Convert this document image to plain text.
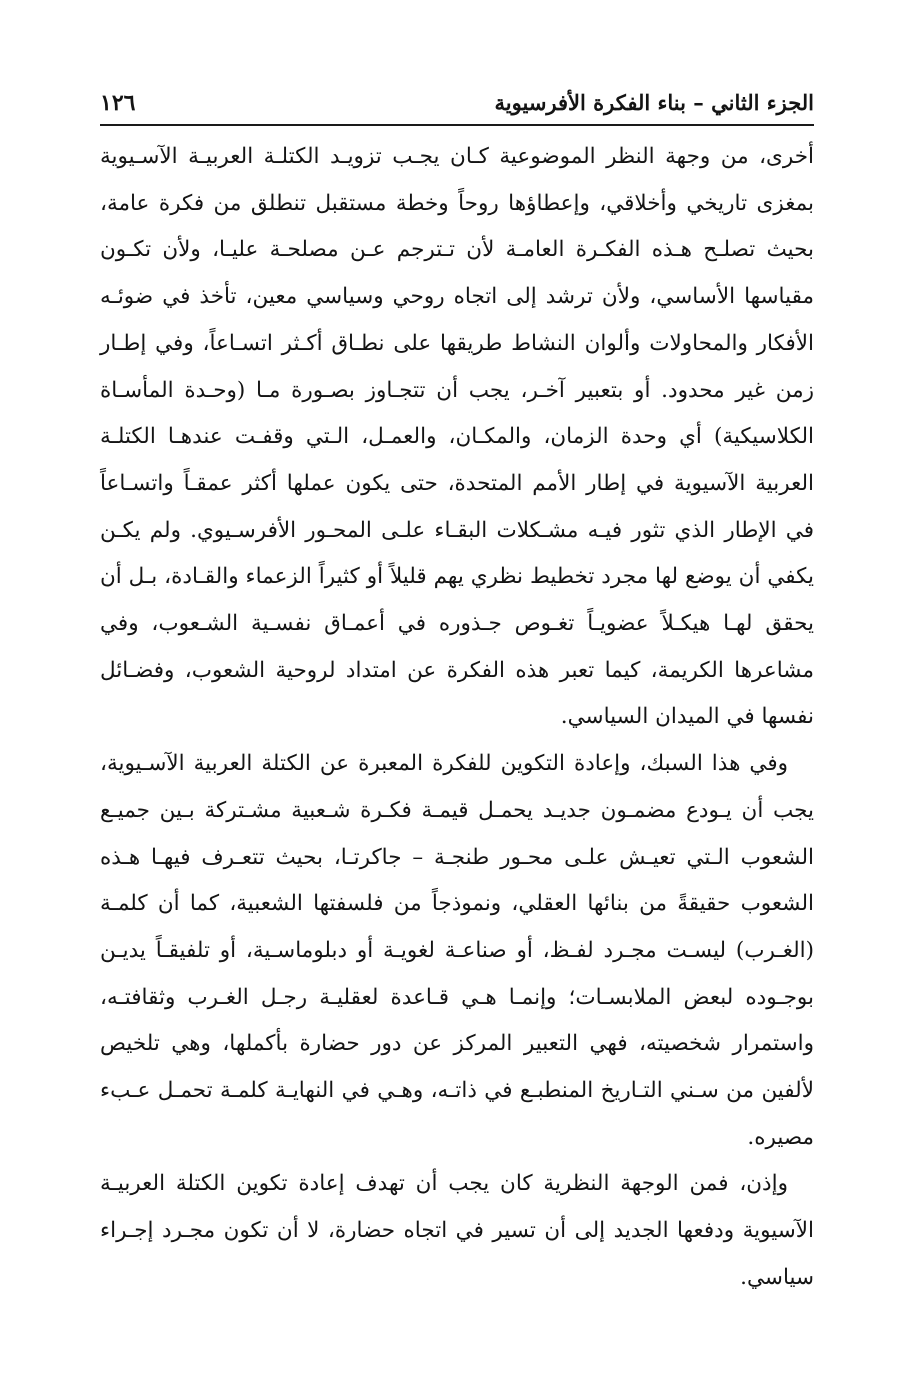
١٢٦	الجزء الثاني – بناء الفكرة الأفرسيوية

أخرى، من وجهة النظر الموضوعية كـان يجـب تزويـد الكتلـة العربيـة الآسـيوية بمغزى تاريخي وأخلاقي، وإعطاؤها روحاً وخطة مستقبل تنطلق من فكرة عامة، بحيث تصلـح هـذه الفكـرة العامـة لأن تـترجم عـن مصلحـة عليـا، ولأن تكـون مقياسها الأساسي، ولأن ترشد إلى اتجاه روحي وسياسي معين، تأخذ في ضوئـه الأفكار والمحاولات وألوان النشاط طريقها على نطـاق أكـثر اتسـاعاً، وفي إطـار زمن غير محدود. أو بتعبير آخـر، يجب أن تتجـاوز بصـورة مـا (وحـدة المأسـاة الكلاسيكية) أي وحدة الزمان، والمكـان، والعمـل، الـتي وقفـت عندهـا الكتلـة العربية الآسيوية في إطار الأمم المتحدة، حتى يكون عملها أكثر عمقـاً واتسـاعاً في الإطار الذي تثور فيـه مشـكلات البقـاء علـى المحـور الأفرسـيوي. ولم يكـن يكفي أن يوضع لها مجرد تخطيط نظري يهم قليلاً أو كثيراً الزعماء والقـادة، بـل أن يحقق لهـا هيكـلاً عضويـاً تغـوص جـذوره في أعمـاق نفسـية الشـعوب، وفي مشاعرها الكريمة، كيما تعبر هذه الفكرة عن امتداد لروحية الشعوب، وفضـائل نفسها في الميدان السياسي.

وفي هذا السبك، وإعادة التكوين للفكرة المعبرة عن الكتلة العربية الآسـيوية، يجب أن يـودع مضمـون جديـد يحمـل قيمـة فكـرة شـعبية مشـتركة بـين جميـع الشعوب الـتي تعيـش علـى محـور طنجـة – جاكرتـا، بحيث تتعـرف فيهـا هـذه الشعوب حقيقةً من بنائها العقلي، ونموذجاً من فلسفتها الشعبية، كما أن كلمـة (الغـرب) ليسـت مجـرد لفـظ، أو صناعـة لغويـة أو دبلوماسـية، أو تلفيقـاً يديـن بوجـوده لبعض الملابسـات؛ وإنمـا هـي قـاعدة لعقليـة رجـل الغـرب وثقافتـه، واستمرار شخصيته، فهي التعبير المركز عن دور حضارة بأكملها، وهي تلخيص لألفين من سـني التـاريخ المنطبـع في ذاتـه، وهـي في النهايـة كلمـة تحمـل عـبء مصيره.

وإذن، فمن الوجهة النظرية كان يجب أن تهدف إعادة تكوين الكتلة العربيـة الآسيوية ودفعها الجديد إلى أن تسير في اتجاه حضارة، لا أن تكون مجـرد إجـراء سياسي.
